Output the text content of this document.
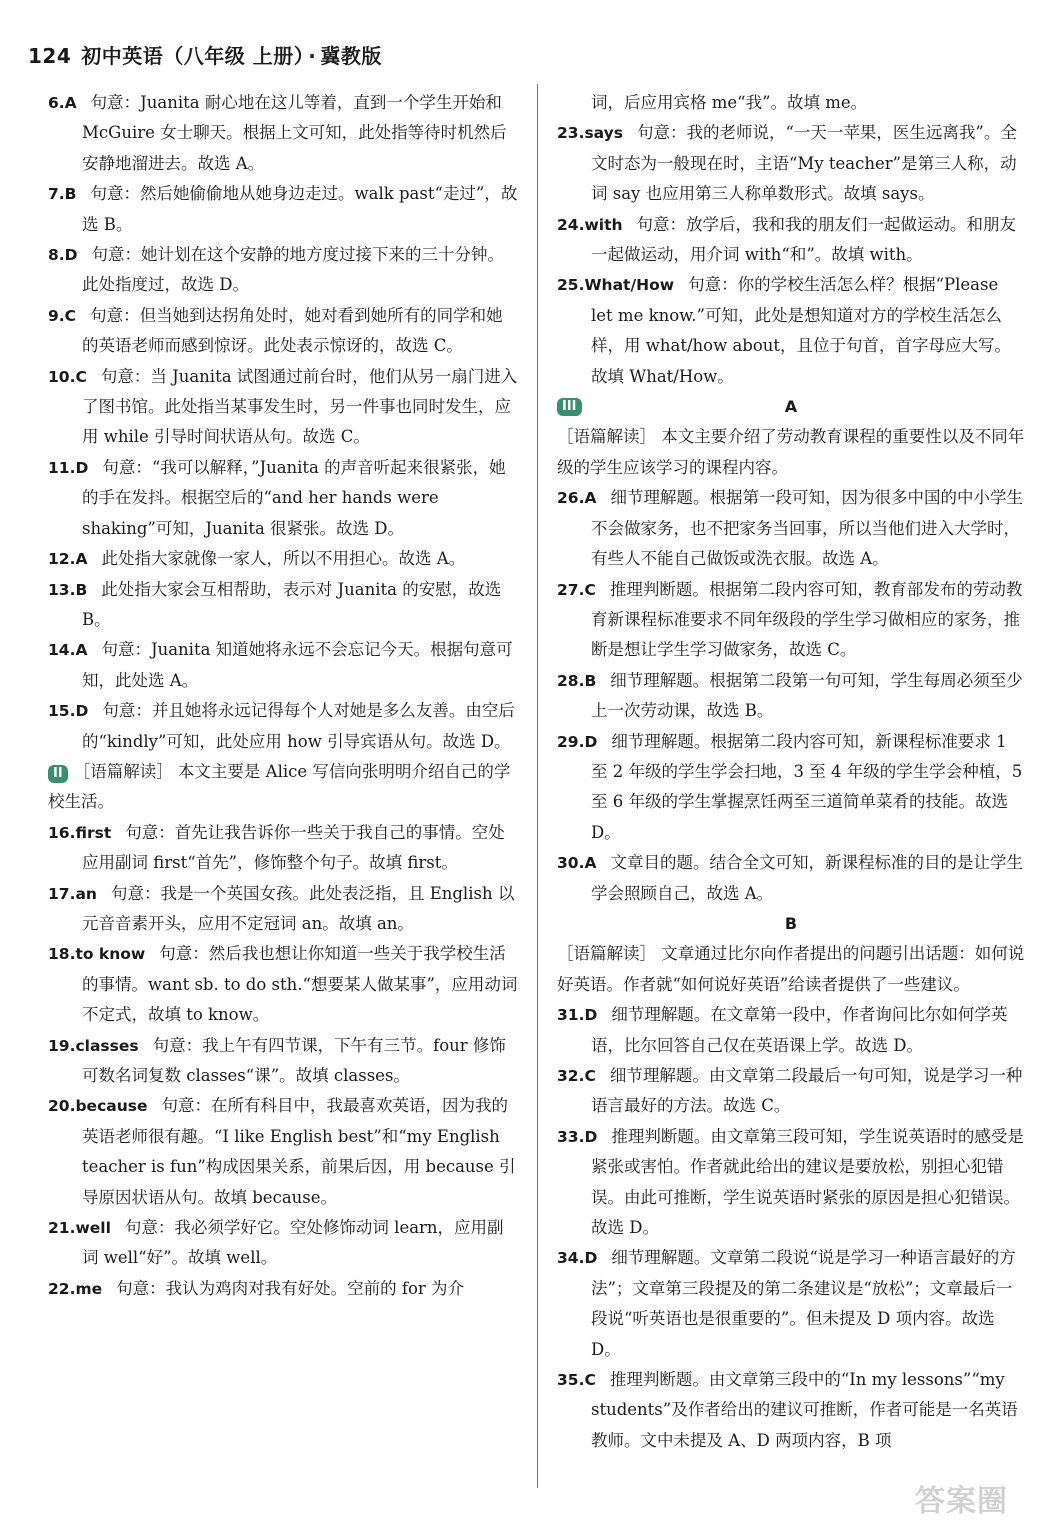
124 初中英语（八年级 上册） · 冀教版
6.A 句意：Juanita 耐心地在这儿等着，直到一个学生开始和 McGuire 女士聊天。根据上文可知，此处指等待时机然后安静地溜进去。故选 A。
7.B 句意：然后她偷偷地从她身边走过。walk past“走过”，故选 B。
8.D 句意：她计划在这个安静的地方度过接下来的三十分钟。此处指度过，故选 D。
9.C 句意：但当她到达拐角处时，她对看到她所有的同学和她的英语老师而感到惊讶。此处表示惊讶的，故选 C。
10.C 句意：当 Juanita 试图通过前台时，他们从另一扇门进入了图书馆。此处指当某事发生时，另一件事也同时发生，应用 while 引导时间状语从句。故选 C。
11.D 句意：“我可以解释，”Juanita 的声音听起来很紧张，她的手在发抖。根据空后的“and her hands were shaking”可知，Juanita 很紧张。故选 D。
12.A 此处指大家就像一家人，所以不用担心。故选 A。
13.B 此处指大家会互相帮助，表示对 Juanita 的安慰，故选 B。
14.A 句意：Juanita 知道她将永远不会忘记今天。根据句意可知，此处选 A。
15.D 句意：并且她将永远记得每个人对她是多么友善。由空后的“kindly”可知，此处应用 how 引导宾语从句。故选 D。
II ［语篇解读］ 本文主要是 Alice 写信向张明明介绍自己的学校生活。
16.first 句意：首先让我告诉你一些关于我自己的事情。空处应用副词 first“首先”，修饰整个句子。故填 first。
17.an 句意：我是一个英国女孩。此处表泛指，且 English 以元音音素开头，应用不定冠词 an。故填 an。
18.to know 句意：然后我也想让你知道一些关于我学校生活的事情。want sb. to do sth.“想要某人做某事”，应用动词不定式，故填 to know。
19.classes 句意：我上午有四节课，下午有三节。four 修饰可数名词复数 classes“课”。故填 classes。
20.because 句意：在所有科目中，我最喜欢英语，因为我的英语老师很有趣。“I like English best”和“my English teacher is fun”构成因果关系，前果后因，用 because 引导原因状语从句。故填 because。
21.well 句意：我必须学好它。空处修饰动词 learn，应用副词 well“好”。故填 well。
22.me 句意：我认为鸡肉对我有好处。空前的 for 为介
词，后应用宾格 me“我”。故填 me。
23.says 句意：我的老师说，“一天一苹果，医生远离我”。全文时态为一般现在时，主语“My teacher”是第三人称，动词 say 也应用第三人称单数形式。故填 says。
24.with 句意：放学后，我和我的朋友们一起做运动。和朋友一起做运动，用介词 with“和”。故填 with。
25.What/How 句意：你的学校生活怎么样？根据“Please let me know.”可知，此处是想知道对方的学校生活怎么样，用 what/how about，且位于句首，首字母应大写。故填 What/How。
III	A
［语篇解读］ 本文主要介绍了劳动教育课程的重要性以及不同年级的学生应该学习的课程内容。
26.A 细节理解题。根据第一段可知，因为很多中国的中小学生不会做家务，也不把家务当回事，所以当他们进入大学时，有些人不能自己做饭或洗衣服。故选 A。
27.C 推理判断题。根据第二段内容可知，教育部发布的劳动教育新课程标准要求不同年级段的学生学习做相应的家务，推断是想让学生学习做家务，故选 C。
28.B 细节理解题。根据第二段第一句可知，学生每周必须至少上一次劳动课，故选 B。
29.D 细节理解题。根据第二段内容可知，新课程标准要求 1 至 2 年级的学生学会扫地，3 至 4 年级的学生学会种植，5 至 6 年级的学生掌握烹饪两至三道简单菜肴的技能。故选 D。
30.A 文章目的题。结合全文可知，新课程标准的目的是让学生学会照顾自己，故选 A。
B
［语篇解读］ 文章通过比尔向作者提出的问题引出话题：如何说好英语。作者就“如何说好英语”给读者提供了一些建议。
31.D 细节理解题。在文章第一段中，作者询问比尔如何学英语，比尔回答自己仅在英语课上学。故选 D。
32.C 细节理解题。由文章第二段最后一句可知，说是学习一种语言最好的方法。故选 C。
33.D 推理判断题。由文章第三段可知，学生说英语时的感受是紧张或害怕。作者就此给出的建议是要放松，别担心犯错误。由此可推断，学生说英语时紧张的原因是担心犯错误。故选 D。
34.D 细节理解题。文章第二段说“说是学习一种语言最好的方法”；文章第三段提及的第二条建议是“放松”；文章最后一段说“听英语也是很重要的”。但未提及 D 项内容。故选 D。
35.C 推理判断题。由文章第三段中的“In my lessons”“my students”及作者给出的建议可推断，作者可能是一名英语教师。文中未提及 A、D 两项内容，B 项
答案圈
